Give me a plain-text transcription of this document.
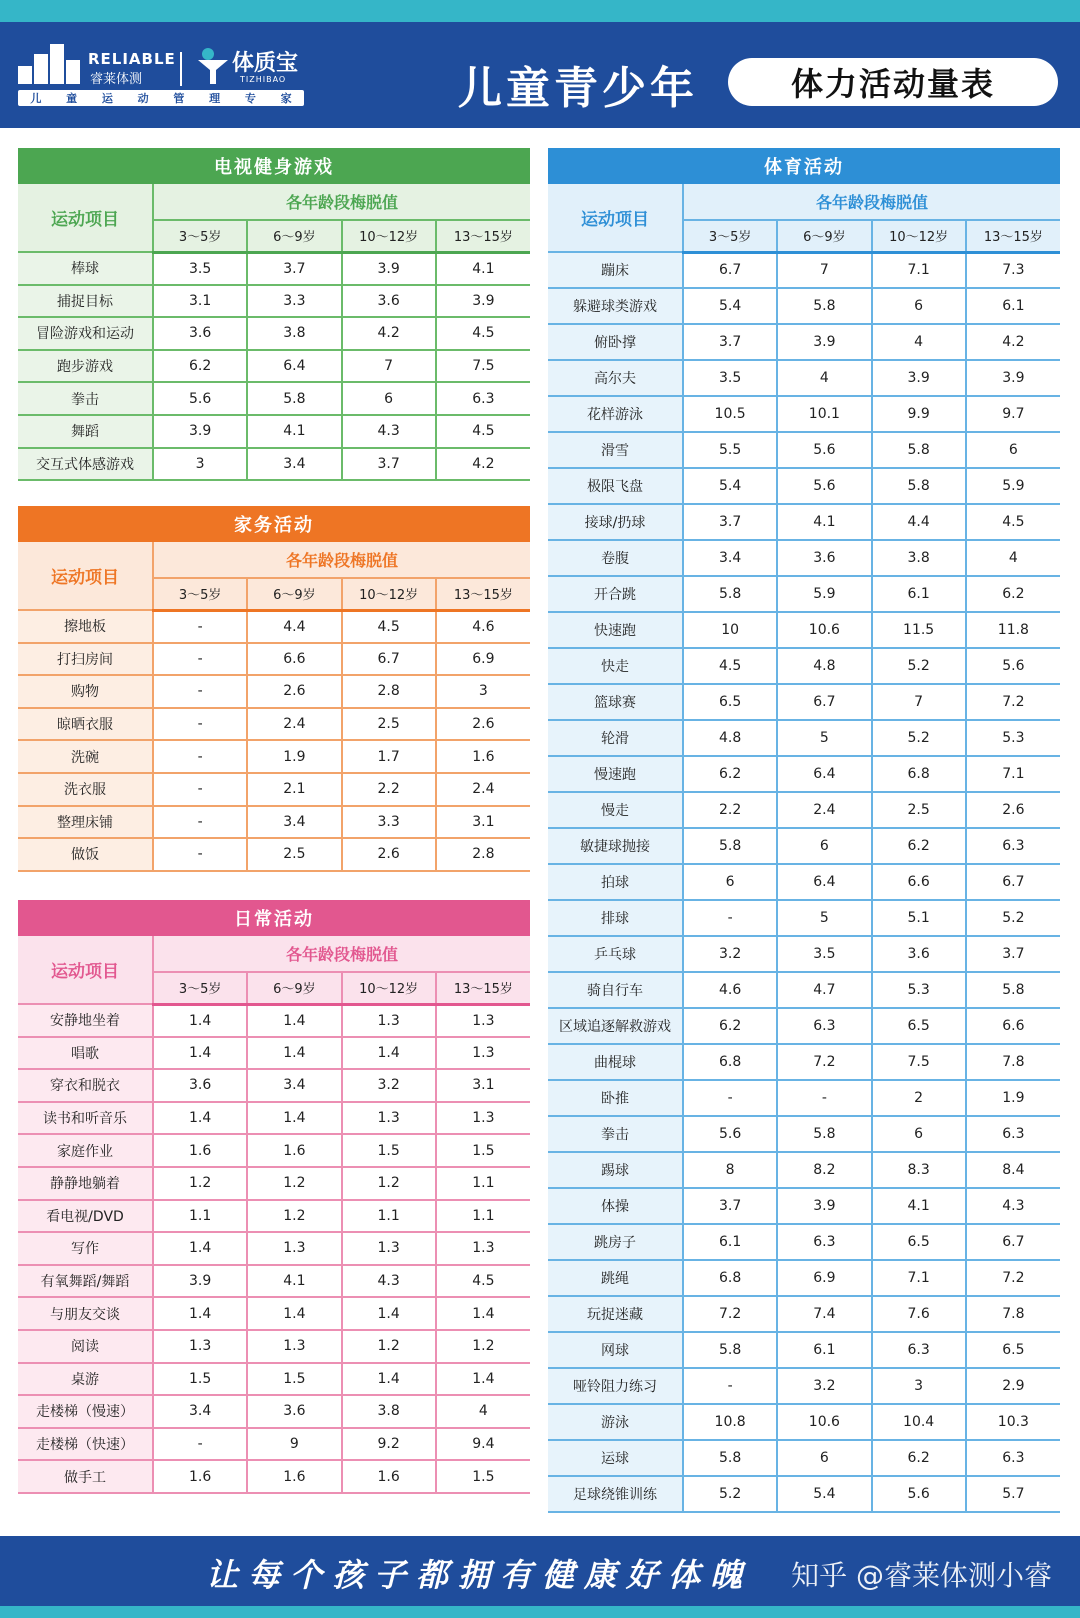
RELIABLE
睿莱体测
体质宝
TIZHIBAO
儿 童 运 动 管 理 专 家	儿童青少年	体力活动量表
电视健身游戏
运动项目	各年龄段梅脱值			
	3～5岁	6～9岁	10～12岁	13～15岁
棒球	3.5	3.7	3.9	4.1
捕捉目标	3.1	3.3	3.6	3.9
冒险游戏和运动	3.6	3.8	4.2	4.5
跑步游戏	6.2	6.4	7	7.5
拳击	5.6	5.8	6	6.3
舞蹈	3.9	4.1	4.3	4.5
交互式体感游戏	3	3.4	3.7	4.2
家务活动
运动项目	各年龄段梅脱值			
	3～5岁	6～9岁	10～12岁	13～15岁
擦地板	-	4.4	4.5	4.6
打扫房间	-	6.6	6.7	6.9
购物	-	2.6	2.8	3
晾晒衣服	-	2.4	2.5	2.6
洗碗	-	1.9	1.7	1.6
洗衣服	-	2.1	2.2	2.4
整理床铺	-	3.4	3.3	3.1
做饭	-	2.5	2.6	2.8
日常活动
运动项目	各年龄段梅脱值			
	3～5岁	6～9岁	10～12岁	13～15岁
安静地坐着	1.4	1.4	1.3	1.3
唱歌	1.4	1.4	1.4	1.3
穿衣和脱衣	3.6	3.4	3.2	3.1
读书和听音乐	1.4	1.4	1.3	1.3
家庭作业	1.6	1.6	1.5	1.5
静静地躺着	1.2	1.2	1.2	1.1
看电视/DVD	1.1	1.2	1.1	1.1
写作	1.4	1.3	1.3	1.3
有氧舞蹈/舞蹈	3.9	4.1	4.3	4.5
与朋友交谈	1.4	1.4	1.4	1.4
阅读	1.3	1.3	1.2	1.2
桌游	1.5	1.5	1.4	1.4
走楼梯（慢速）	3.4	3.6	3.8	4
走楼梯（快速）	-	9	9.2	9.4
做手工	1.6	1.6	1.6	1.5
体育活动
运动项目	各年龄段梅脱值			
	3～5岁	6～9岁	10～12岁	13～15岁
蹦床	6.7	7	7.1	7.3
躲避球类游戏	5.4	5.8	6	6.1
俯卧撑	3.7	3.9	4	4.2
高尔夫	3.5	4	3.9	3.9
花样游泳	10.5	10.1	9.9	9.7
滑雪	5.5	5.6	5.8	6
极限飞盘	5.4	5.6	5.8	5.9
接球/扔球	3.7	4.1	4.4	4.5
卷腹	3.4	3.6	3.8	4
开合跳	5.8	5.9	6.1	6.2
快速跑	10	10.6	11.5	11.8
快走	4.5	4.8	5.2	5.6
篮球赛	6.5	6.7	7	7.2
轮滑	4.8	5	5.2	5.3
慢速跑	6.2	6.4	6.8	7.1
慢走	2.2	2.4	2.5	2.6
敏捷球抛接	5.8	6	6.2	6.3
拍球	6	6.4	6.6	6.7
排球	-	5	5.1	5.2
乒乓球	3.2	3.5	3.6	3.7
骑自行车	4.6	4.7	5.3	5.8
区域追逐解救游戏	6.2	6.3	6.5	6.6
曲棍球	6.8	7.2	7.5	7.8
卧推	-	-	2	1.9
拳击	5.6	5.8	6	6.3
踢球	8	8.2	8.3	8.4
体操	3.7	3.9	4.1	4.3
跳房子	6.1	6.3	6.5	6.7
跳绳	6.8	6.9	7.1	7.2
玩捉迷藏	7.2	7.4	7.6	7.8
网球	5.8	6.1	6.3	6.5
哑铃阻力练习	-	3.2	3	2.9
游泳	10.8	10.6	10.4	10.3
运球	5.8	6	6.2	6.3
足球绕锥训练	5.2	5.4	5.6	5.7
让每个孩子都拥有健康好体魄 知乎 @睿莱体测小睿
